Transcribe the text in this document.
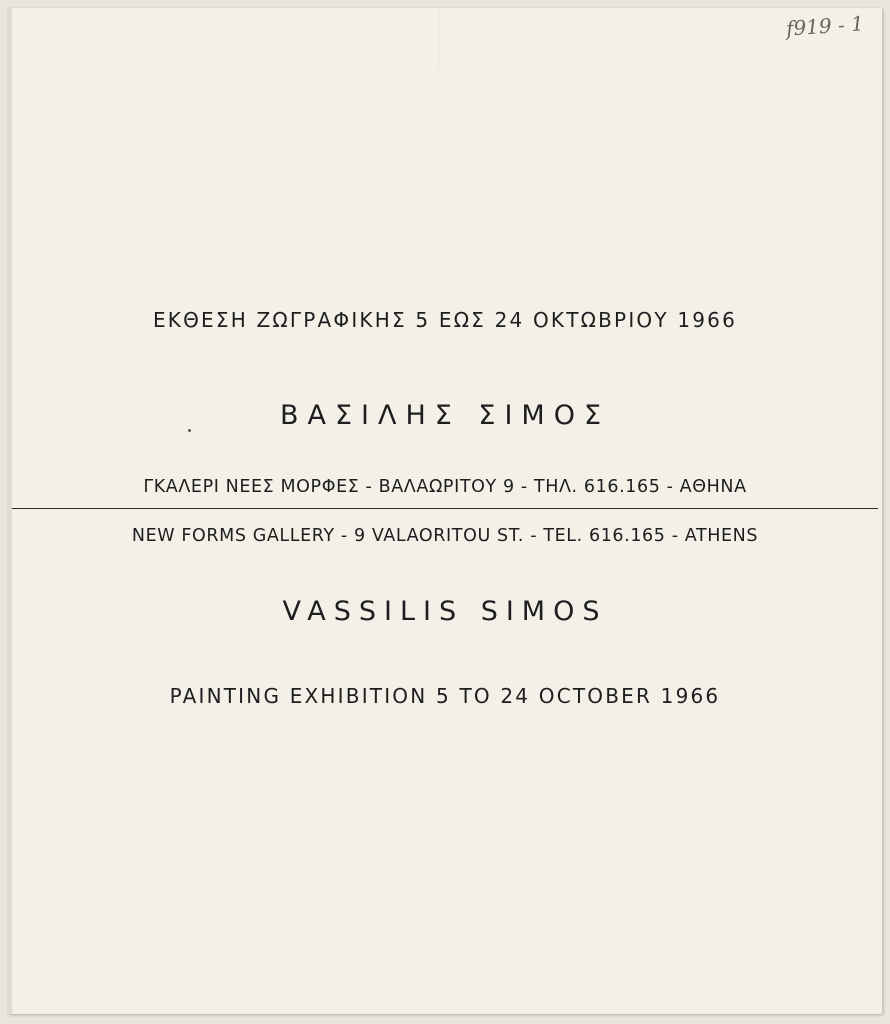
f919 - 1
ΕΚΘΕΣΗ ΖΩΓΡΑΦΙΚΗΣ 5 ΕΩΣ 24 ΟΚΤΩΒΡΙΟΥ 1966
ΒΑΣΙΛΗΣ ΣΙΜΟΣ
ΓΚΑΛΕΡΙ ΝΕΕΣ ΜΟΡΦΕΣ - ΒΑΛΑΩΡΙΤΟΥ 9 - ΤΗΛ. 616.165 - ΑΘΗΝΑ
NEW FORMS GALLERY - 9 VALAORITOU ST. - TEL. 616.165 - ATHENS
VASSILIS SIMOS
PAINTING EXHIBITION 5 TO 24 OCTOBER 1966
